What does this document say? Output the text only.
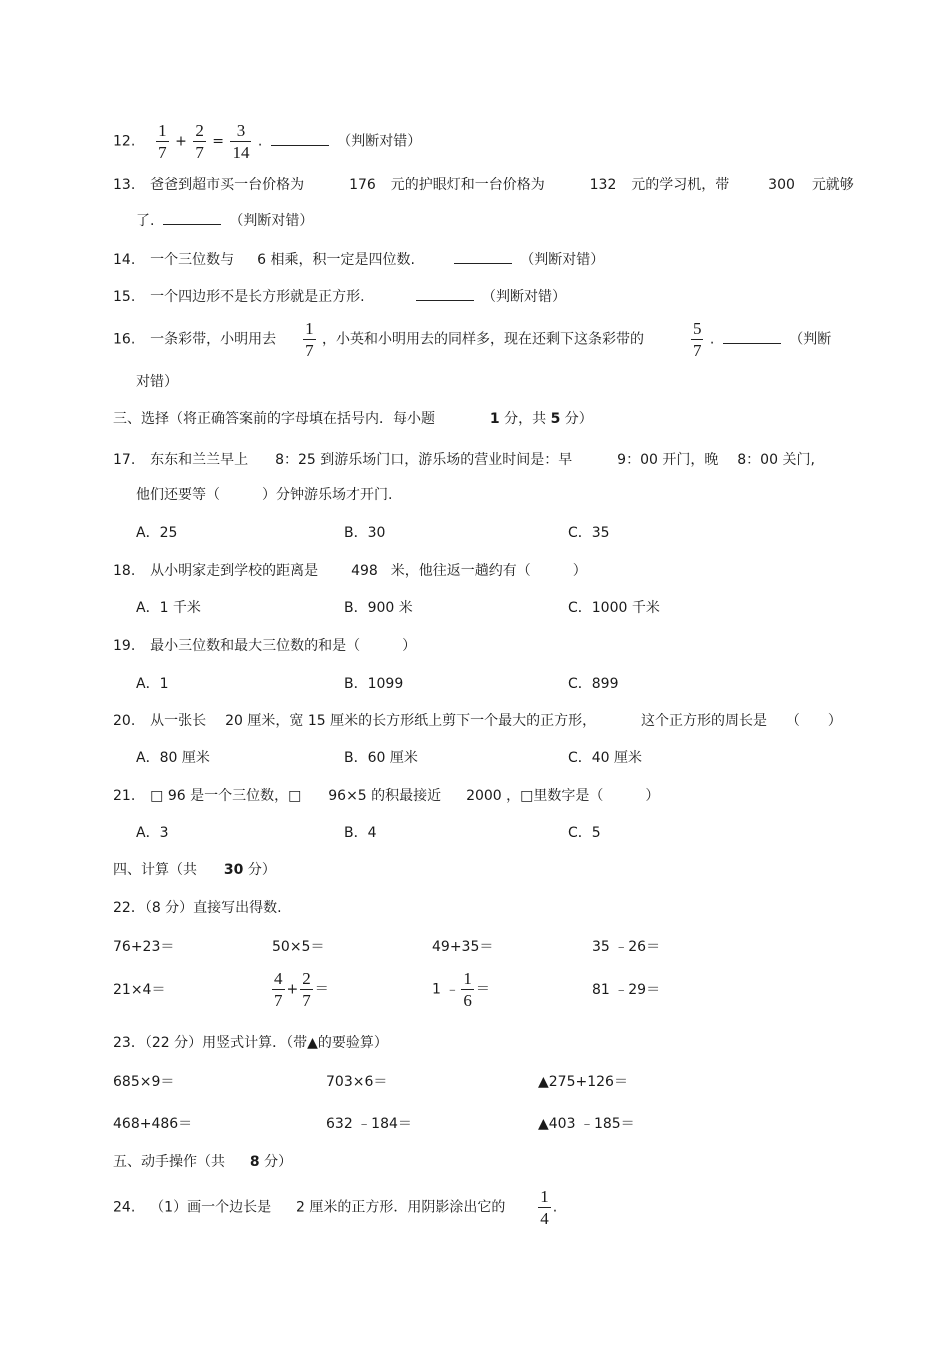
12. $\frac{1}{7} + \frac{2}{7} = \frac{3}{14}$ .	（判断对错）
13. 爸爸到超市买一台价格为	176 元的护眼灯和一台价格为	132 元的学习机，带	300 元就够
了.	（判断对错）
14. 一个三位数与 6 相乘，积一定是四位数.	（判断对错）
15. 一个四边形不是长方形就是正方形.	（判断对错）
16. 一条彩带，小明用去 $\frac{1}{7}$ ，小英和小明用去的同样多，现在还剩下这条彩带的	$\frac{5}{7}$ .	（判断
对错）
三、选择（将正确答案前的字母填在括号内．每小题	1 分，共 5 分）
17. 东东和兰兰早上 8：25 到游乐场门口，游乐场的营业时间是：早	9：00 开门，晚 8：00 关门,
他们还要等（　　　）分钟游乐场才开门.
A．25	B．30	C．35
18. 从小明家走到学校的距离是 498 米，他往返一趟约有（　　　）
A．1 千米	B．900 米	C．1000 千米
19. 最小三位数和最大三位数的和是（　　　）
A．1	B．1099	C．899
20. 从一张长 20 厘米，宽 15 厘米的长方形纸上剪下一个最大的正方形，	这个正方形的周长是 （　　）
A．80 厘米	B．60 厘米	C．40 厘米
21. □ 96 是一个三位数，□ 96×5 的积最接近 2000 ，□里数字是（　　　）
A．3	B．4	C．5
四、计算（共 30 分）
22．（8 分）直接写出得数.
76+23＝	50×5＝	49+35＝	35 ﹣26＝
21×4＝	$\frac{4}{7} + \frac{2}{7}$ ＝	1 ﹣ $\frac{1}{6}$ ＝	81 ﹣29＝
23．（22 分）用竖式计算．（带▲的要验算）
685×9＝	703×6＝	▲275+126＝
468+486＝	632 ﹣184＝	▲403 ﹣185＝
五、动手操作（共 8 分）
24. （1）画一个边长是 2 厘米的正方形．用阴影涂出它的 $\frac{1}{4}$ .
